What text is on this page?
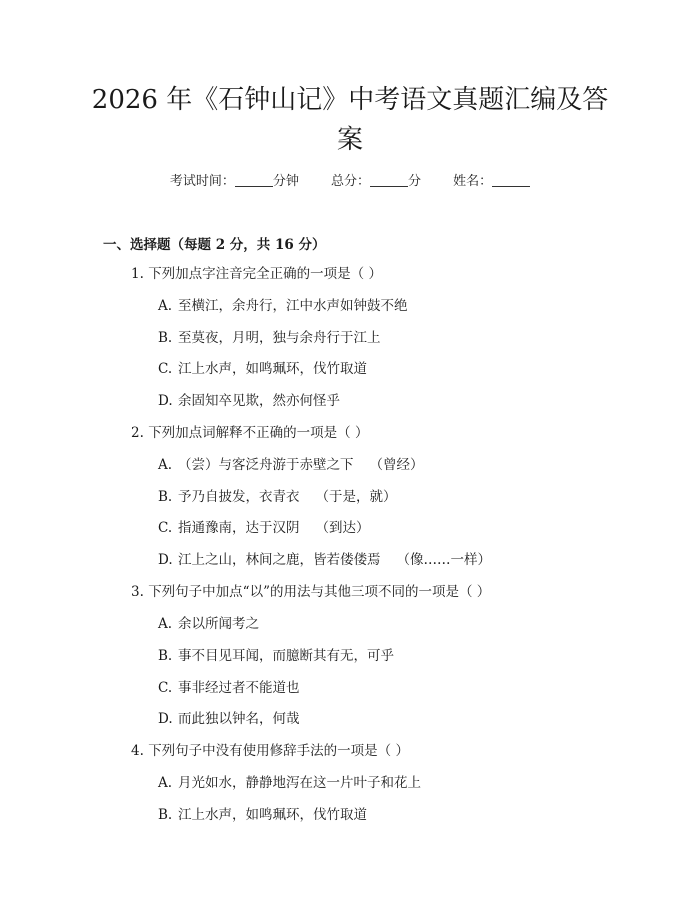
2026 年《石钟山记》中考语文真题汇编及答案
考试时间：	分钟 总分：	分 姓名：
一、选择题（每题 2 分，共 16 分）
1. 下列加点字注音完全正确的一项是（ ）
A. 至横江，余舟行，江中水声如钟鼓不绝
B. 至莫夜，月明，独与余舟行于江上
C. 江上水声，如鸣珮环，伐竹取道
D. 余固知卒见欺，然亦何怪乎
2. 下列加点词解释不正确的一项是（ ）
A. （尝）与客泛舟游于赤壁之下 （曾经）
B. 予乃自披发，衣青衣 （于是，就）
C. 指通豫南，达于汉阴 （到达）
D. 江上之山，林间之鹿，皆若偻偻焉 （像……一样）
3. 下列句子中加点“以”的用法与其他三项不同的一项是（ ）
A. 余以所闻考之
B. 事不目见耳闻，而臆断其有无，可乎
C. 事非经过者不能道也
D. 而此独以钟名，何哉
4. 下列句子中没有使用修辞手法的一项是（ ）
A. 月光如水，静静地泻在这一片叶子和花上
B. 江上水声，如鸣珮环，伐竹取道
